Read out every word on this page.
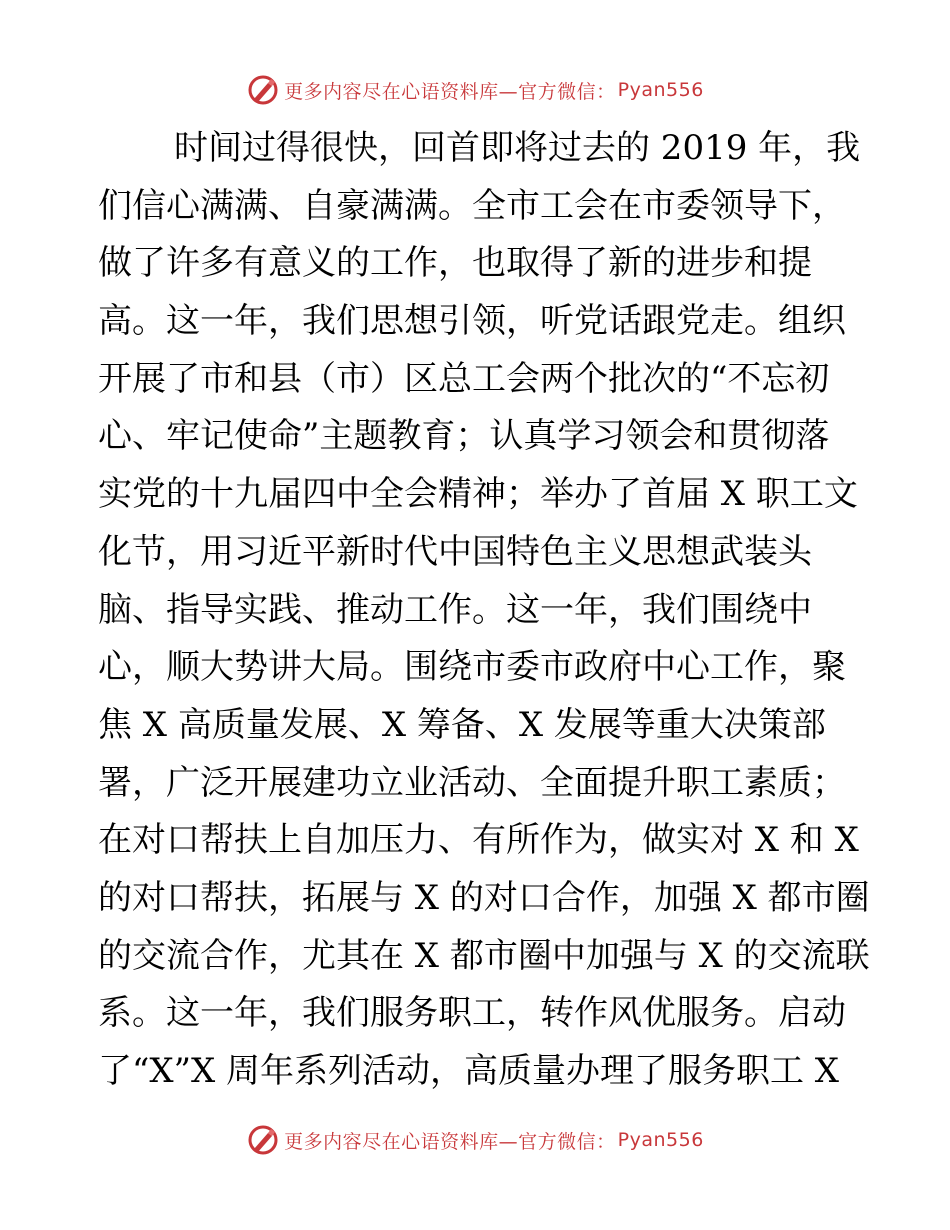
更多内容尽在心语资料库—官方微信： Pyan556
时间过得很快，回首即将过去的 2019 年，我
们信心满满、自豪满满。全市工会在市委领导下，
做了许多有意义的工作，也取得了新的进步和提
高。这一年，我们思想引领，听党话跟党走。组织
开展了市和县（市）区总工会两个批次的“不忘初
心、牢记使命”主题教育；认真学习领会和贯彻落
实党的十九届四中全会精神；举办了首届 X 职工文
化节，用习近平新时代中国特色主义思想武装头
脑、指导实践、推动工作。这一年，我们围绕中
心，顺大势讲大局。围绕市委市政府中心工作，聚
焦 X 高质量发展、X 筹备、X 发展等重大决策部
署，广泛开展建功立业活动、全面提升职工素质；
在对口帮扶上自加压力、有所作为，做实对 X 和 X
的对口帮扶，拓展与 X 的对口合作，加强 X 都市圈
的交流合作，尤其在 X 都市圈中加强与 X 的交流联
系。这一年，我们服务职工，转作风优服务。启动
了“X”X 周年系列活动，高质量办理了服务职工 X
更多内容尽在心语资料库—官方微信： Pyan556
